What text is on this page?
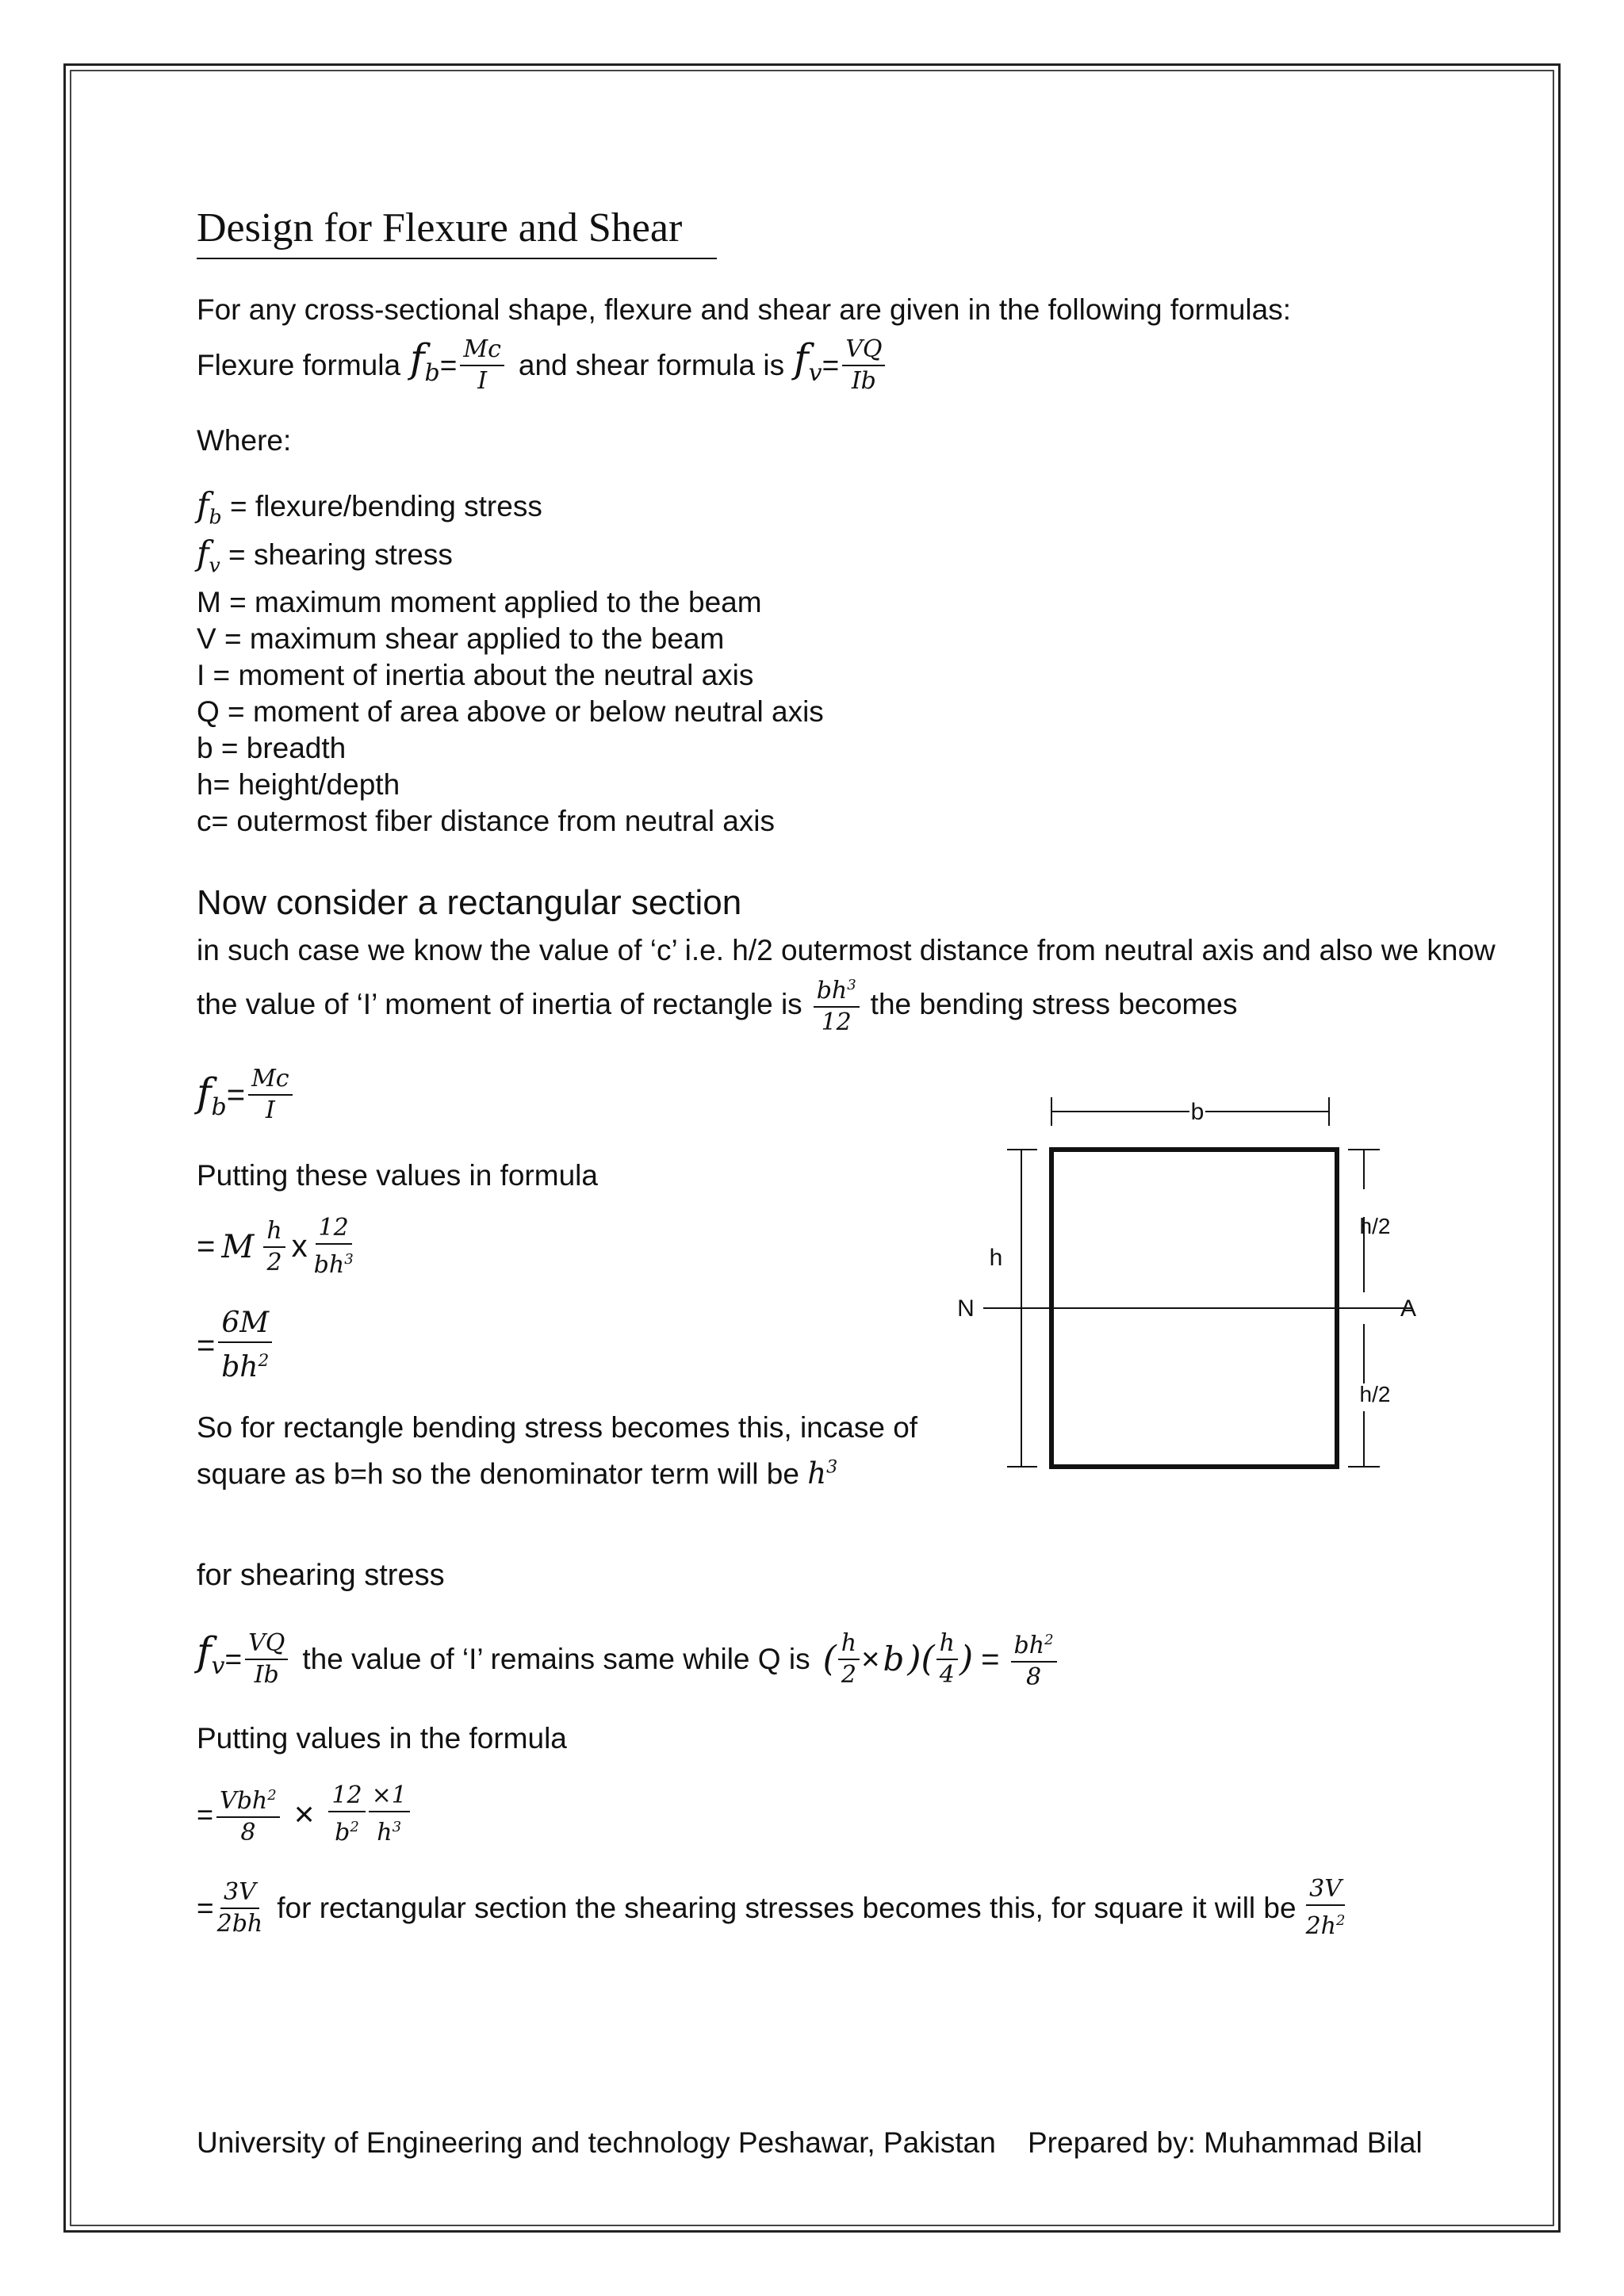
Design for Flexure and Shear
For any cross-sectional shape, flexure and shear are given in the following formulas:
Flexure formula $f_b = \frac{Mc}{I}$ and shear formula is $f_v = \frac{VQ}{Ib}$
Where:
$f_b$ = flexure/bending stress
$f_v$ = shearing stress
M = maximum moment applied to the beam
V = maximum shear applied to the beam
I = moment of inertia about the neutral axis
Q = moment of area above or below neutral axis
b = breadth
h= height/depth
c= outermost fiber distance from neutral axis
Now consider a rectangular section
in such case we know the value of ‘c’ i.e. h/2 outermost distance from neutral axis and also we know
the value of ‘I’ moment of inertia of rectangle is $\frac{bh^3}{12}$ the bending stress becomes
$f_b = \frac{Mc}{I}$
Putting these values in formula
= M $\frac{h}{2}$ x $\frac{12}{bh^3}$
= $\frac{6M}{bh^2}$
So for rectangle bending stress becomes this, incase of
square as b=h so the denominator term will be $h^3$
b
h
N	A
h/2
h/2
for shearing stress
$f_v = \frac{VQ}{Ib}$ the value of ‘I’ remains same while Q is ( $\frac{h}{2} \times b$ )( $\frac{h}{4}$ ) = $\frac{bh^2}{8}$
Putting values in the formula
= $\frac{Vbh^2}{8} \times \frac{12}{b^2} \frac{\times 1}{h^3}$
= $\frac{3V}{2bh}$ for rectangular section the shearing stresses becomes this, for square it will be $\frac{3V}{2h^2}$
University of Engineering and technology Peshawar, Pakistan Prepared by: Muhammad Bilal
